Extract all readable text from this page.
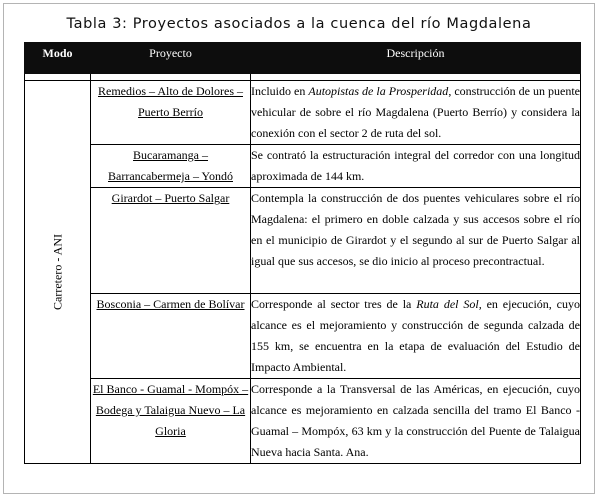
Tabla 3: Proyectos asociados a la cuenca del río Magdalena
Modo	Proyecto	Descripción

Carretero - ANI	Remedios – Alto de Dolores – Puerto Berrío	Incluido en Autopistas de la Prosperidad, construcción de un puente vehicular de sobre el río Magdalena (Puerto Berrío) y considera la conexión con el sector 2 de ruta del sol.
	Bucaramanga – Barrancabermeja – Yondó	Se contrató la estructuración integral del corredor con una longitud aproximada de 144 km.
	Girardot – Puerto Salgar	Contempla la construcción de dos puentes vehiculares sobre el río Magdalena: el primero en doble calzada y sus accesos sobre el río en el municipio de Girardot y el segundo al sur de Puerto Salgar al igual que sus accesos, se dio inicio al proceso precontractual.
	Bosconia – Carmen de Bolívar	Corresponde al sector tres de la Ruta del Sol, en ejecución, cuyo alcance es el mejoramiento y construcción de segunda calzada de 155 km, se encuentra en la etapa de evaluación del Estudio de Impacto Ambiental.
	El Banco - Guamal - Mompóx –Bodega y Talaigua Nuevo – La Gloria	Corresponde a la Transversal de las Américas, en ejecución, cuyo alcance es mejoramiento en calzada sencilla del tramo El Banco - Guamal – Mompóx, 63 km y la construcción del Puente de Talaigua Nueva hacia Santa. Ana.
